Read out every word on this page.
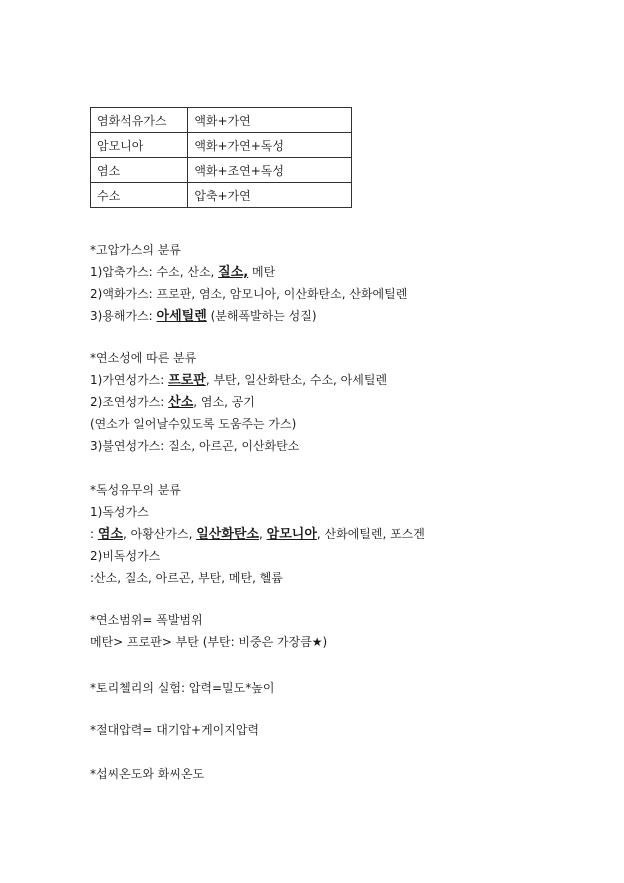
염화석유가스	액화+가연
암모니아	액화+가연+독성
염소	액화+조연+독성
수소	압축+가연
*고압가스의 분류
1)압축가스: 수소, 산소, 질소, 메탄
2)액화가스: 프로판, 염소, 암모니아, 이산화탄소, 산화에틸렌
3)용해가스: 아세틸렌 (분해폭발하는 성질)
*연소성에 따른 분류
1)가연성가스: 프로판, 부탄, 일산화탄소, 수소, 아세틸렌
2)조연성가스: 산소, 염소, 공기
(연소가 일어날수있도록 도움주는 가스)
3)불연성가스: 질소, 아르곤, 이산화탄소
*독성유무의 분류
1)독성가스
: 염소, 아황산가스, 일산화탄소, 암모니아, 산화에틸렌, 포스겐
2)비독성가스
:산소, 질소, 아르곤, 부탄, 메탄, 헬륨
*연소범위= 폭발범위
메탄> 프로판> 부탄 (부탄: 비중은 가장큼★)
*토리첼리의 실험: 압력=밀도*높이
*절대압력= 대기압+게이지압력
*섭씨온도와 화씨온도
